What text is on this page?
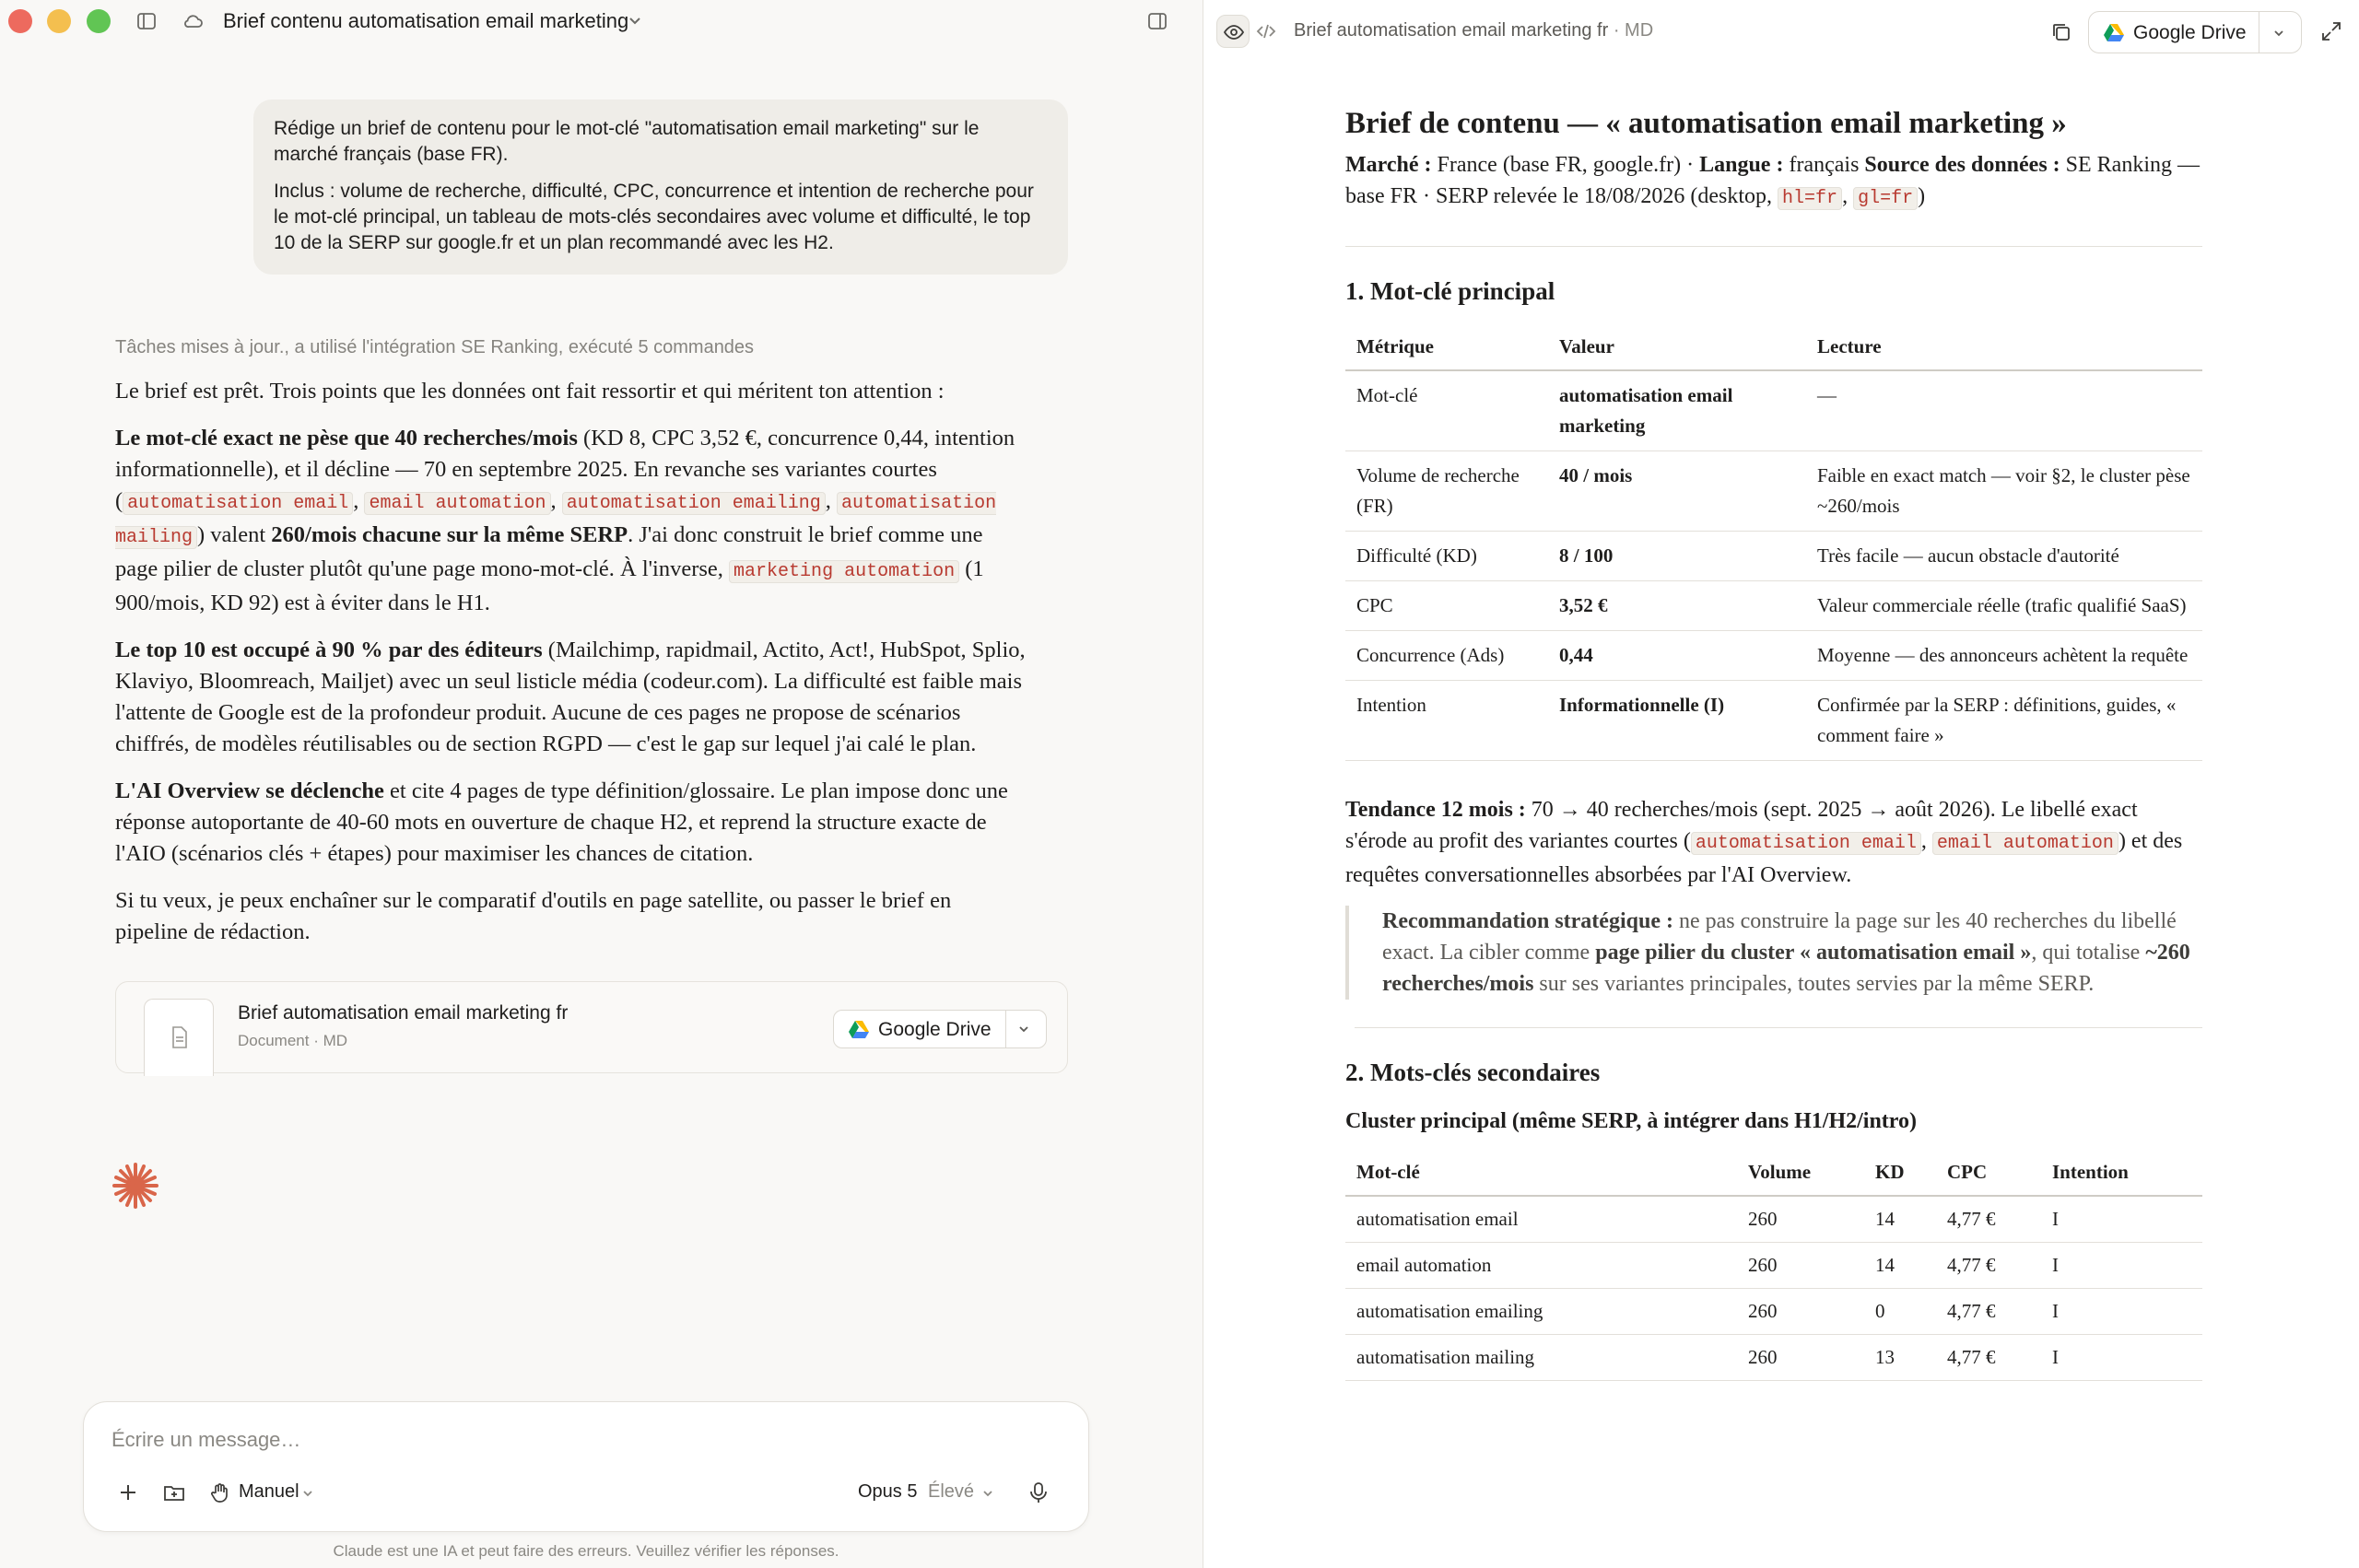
Brief contenu automatisation email marketing

Rédige un brief de contenu pour le mot-clé "automatisation email marketing" sur le marché français (base FR).

Inclus : volume de recherche, difficulté, CPC, concurrence et intention de recherche pour le mot-clé principal, un tableau de mots-clés secondaires avec volume et difficulté, le top 10 de la SERP sur google.fr et un plan recommandé avec les H2.

Tâches mises à jour., a utilisé l'intégration SE Ranking, exécuté 5 commandes

Le brief est prêt. Trois points que les données ont fait ressortir et qui méritent ton attention :

Le mot-clé exact ne pèse que 40 recherches/mois (KD 8, CPC 3,52 €, concurrence 0,44, intention informationnelle), et il décline — 70 en septembre 2025. En revanche ses variantes courtes ( automatisation email , email automation , automatisation emailing , automatisation mailing ) valent 260/mois chacune sur la même SERP. J'ai donc construit le brief comme une page pilier de cluster plutôt qu'une page mono-mot-clé. À l'inverse, marketing automation (1 900/mois, KD 92) est à éviter dans le H1.

Le top 10 est occupé à 90 % par des éditeurs (Mailchimp, rapidmail, Actito, Act!, HubSpot, Splio, Klaviyo, Bloomreach, Mailjet) avec un seul listicle média (codeur.com). La difficulté est faible mais l'attente de Google est de la profondeur produit. Aucune de ces pages ne propose de scénarios chiffrés, de modèles réutilisables ou de section RGPD — c'est le gap sur lequel j'ai calé le plan.

L'AI Overview se déclenche et cite 4 pages de type définition/glossaire. Le plan impose donc une réponse autoportante de 40-60 mots en ouverture de chaque H2, et reprend la structure exacte de l'AIO (scénarios clés + étapes) pour maximiser les chances de citation.

Si tu veux, je peux enchaîner sur le comparatif d'outils en page satellite, ou passer le brief en pipeline de rédaction.

Brief automatisation email marketing fr
Document · MD
Google Drive
Écrire un message…
Manuel	Opus 5 Élevé
Claude est une IA et peut faire des erreurs. Veuillez vérifier les réponses.
Brief automatisation email marketing fr · MD	Google Drive
Brief de contenu — « automatisation email marketing »

Marché : France (base FR, google.fr) · Langue : français Source des données : SE Ranking — base FR · SERP relevée le 18/08/2026 (desktop, hl=fr , gl=fr )

1. Mot-clé principal
Métrique	Valeur	Lecture
Mot-clé	automatisation email marketing	—
Volume de recherche (FR)	40 / mois	Faible en exact match — voir §2, le cluster pèse ~260/mois
Difficulté (KD)	8 / 100	Très facile — aucun obstacle d'autorité
CPC	3,52 €	Valeur commerciale réelle (trafic qualifié SaaS)
Concurrence (Ads)	0,44	Moyenne — des annonceurs achètent la requête
Intention	Informationnelle (I)	Confirmée par la SERP : définitions, guides, « comment faire »

Tendance 12 mois : 70 → 40 recherches/mois (sept. 2025 → août 2026). Le libellé exact s'érode au profit des variantes courtes ( automatisation email , email automation ) et des requêtes conversationnelles absorbées par l'AI Overview.

Recommandation stratégique : ne pas construire la page sur les 40 recherches du libellé exact. La cibler comme page pilier du cluster « automatisation email », qui totalise ~260 recherches/mois sur ses variantes principales, toutes servies par la même SERP.
2. Mots-clés secondaires
Cluster principal (même SERP, à intégrer dans H1/H2/intro)
Mot-clé	Volume	KD	CPC	Intention
automatisation email	260	14	4,77 €	I
email automation	260	14	4,77 €	I
automatisation emailing	260	0	4,77 €	I
automatisation mailing	260	13	4,77 €	I
